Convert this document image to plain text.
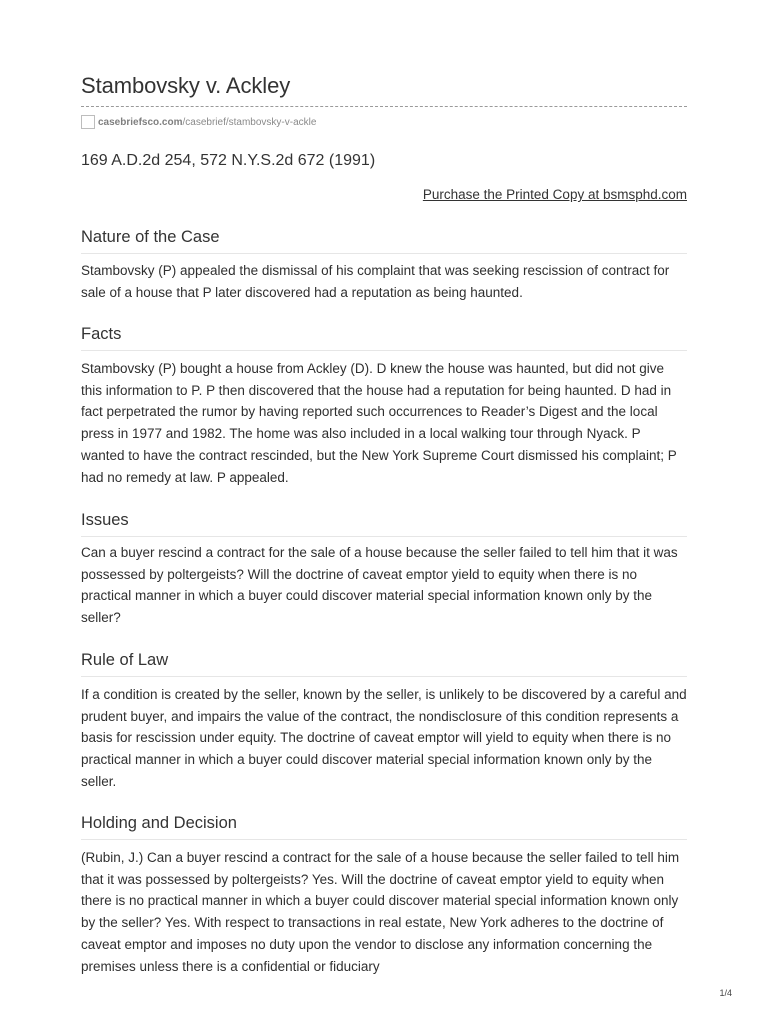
Stambovsky v. Ackley
casebriefsco.com/casebrief/stambovsky-v-ackle
169 A.D.2d 254, 572 N.Y.S.2d 672 (1991)
Purchase the Printed Copy at bsmsphd.com
Nature of the Case

Stambovsky (P) appealed the dismissal of his complaint that was seeking rescission of contract for sale of a house that P later discovered had a reputation as being haunted.

Facts

Stambovsky (P) bought a house from Ackley (D). D knew the house was haunted, but did not give this information to P. P then discovered that the house had a reputation for being haunted. D had in fact perpetrated the rumor by having reported such occurrences to Reader’s Digest and the local press in 1977 and 1982. The home was also included in a local walking tour through Nyack. P wanted to have the contract rescinded, but the New York Supreme Court dismissed his complaint; P had no remedy at law. P appealed.

Issues

Can a buyer rescind a contract for the sale of a house because the seller failed to tell him that it was possessed by poltergeists? Will the doctrine of caveat emptor yield to equity when there is no practical manner in which a buyer could discover material special information known only by the seller?

Rule of Law

If a condition is created by the seller, known by the seller, is unlikely to be discovered by a careful and prudent buyer, and impairs the value of the contract, the nondisclosure of this condition represents a basis for rescission under equity. The doctrine of caveat emptor will yield to equity when there is no practical manner in which a buyer could discover material special information known only by the seller.

Holding and Decision

(Rubin, J.) Can a buyer rescind a contract for the sale of a house because the seller failed to tell him that it was possessed by poltergeists? Yes. Will the doctrine of caveat emptor yield to equity when there is no practical manner in which a buyer could discover material special information known only by the seller? Yes. With respect to transactions in real estate, New York adheres to the doctrine of caveat emptor and imposes no duty upon the vendor to disclose any information concerning the premises unless there is a confidential or fiduciary

1/4
